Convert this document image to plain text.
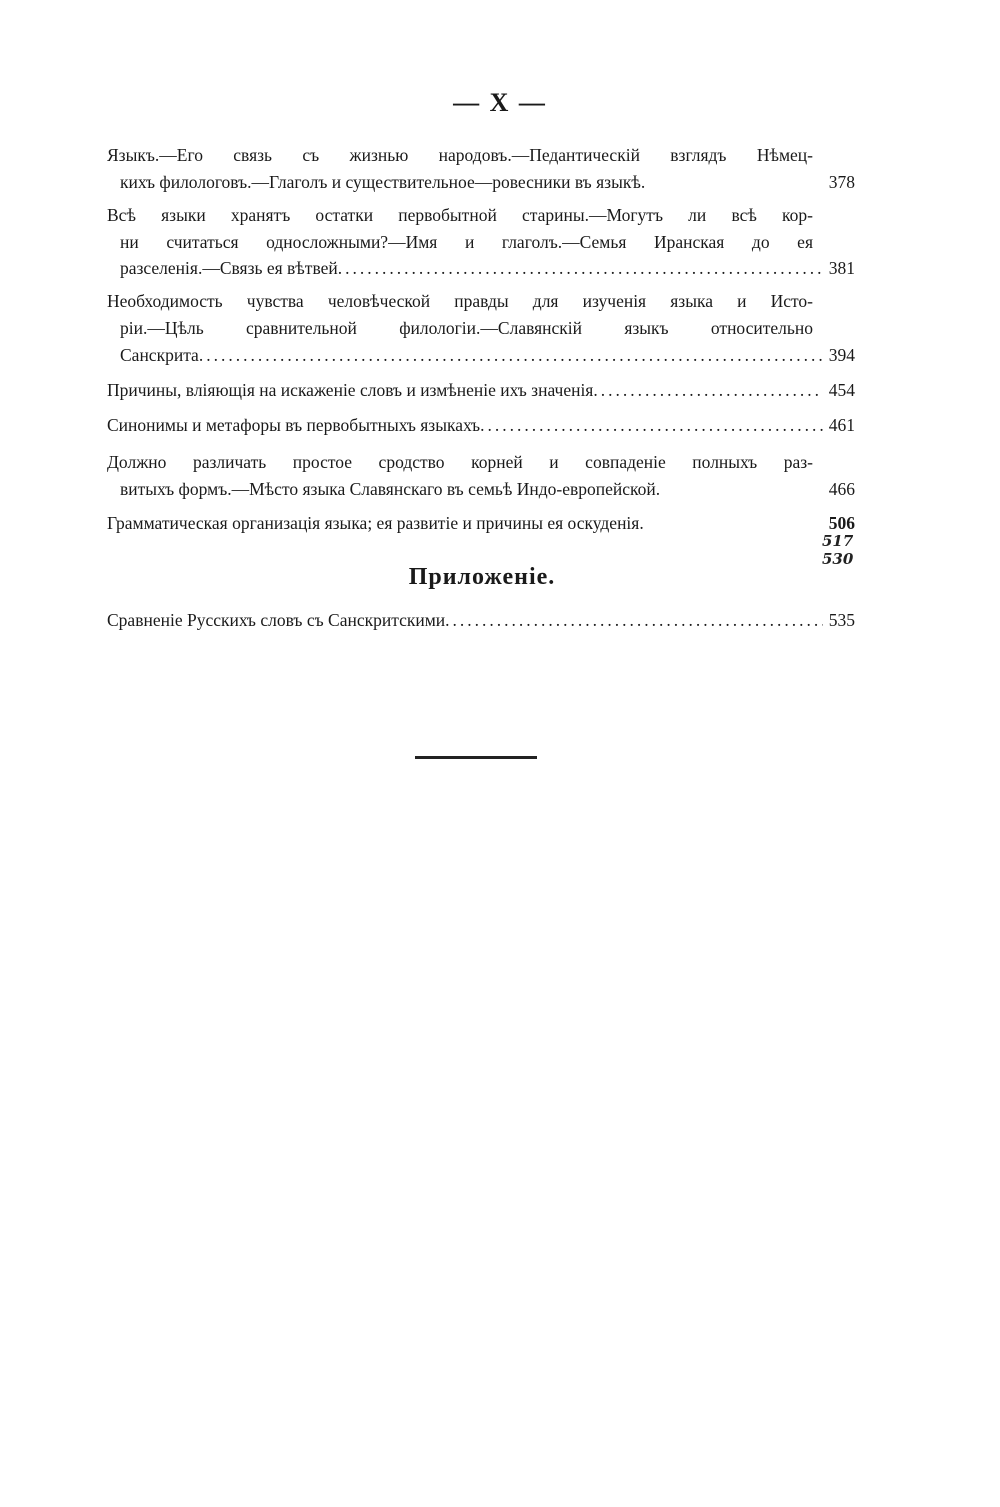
— X —
Языкъ.—Его связь съ жизнью народовъ.—Педантическiй взглядъ Нѣмец-
кихъ филологовъ.—Глаголъ и существительное—ровесники въ языкѣ.	378
Всѣ языки хранятъ остатки первобытной старины.—Могутъ ли всѣ кор-
ни считаться односложными?—Имя и глаголъ.—Семья Иранская до ея
разселенiя.—Связь ея вѣтвей .....	381
Необходимость чувства человѣческой правды для изученiя языка и Исто-
рiи.—Цѣль сравнительной филологiи.—Славянскiй языкъ относительно
Санскрита .....	394
Причины, влiяющiя на искаженiе словъ и измѣненiе ихъ значенiя .....	454
Синонимы и метафоры въ первобытныхъ языкахъ .....	461
Должно различать простое сродство корней и совпаденiе полныхъ раз-
витыхъ формъ.—Мѣсто языка Славянскаго въ семьѣ Индо-европейской.	466
Грамматическая организацiя языка; ея развитiе и причины ея оскуденiя.	506
517
530
Приложенiе.
Сравненiе Русскихъ словъ съ Санскритскими .....	535
